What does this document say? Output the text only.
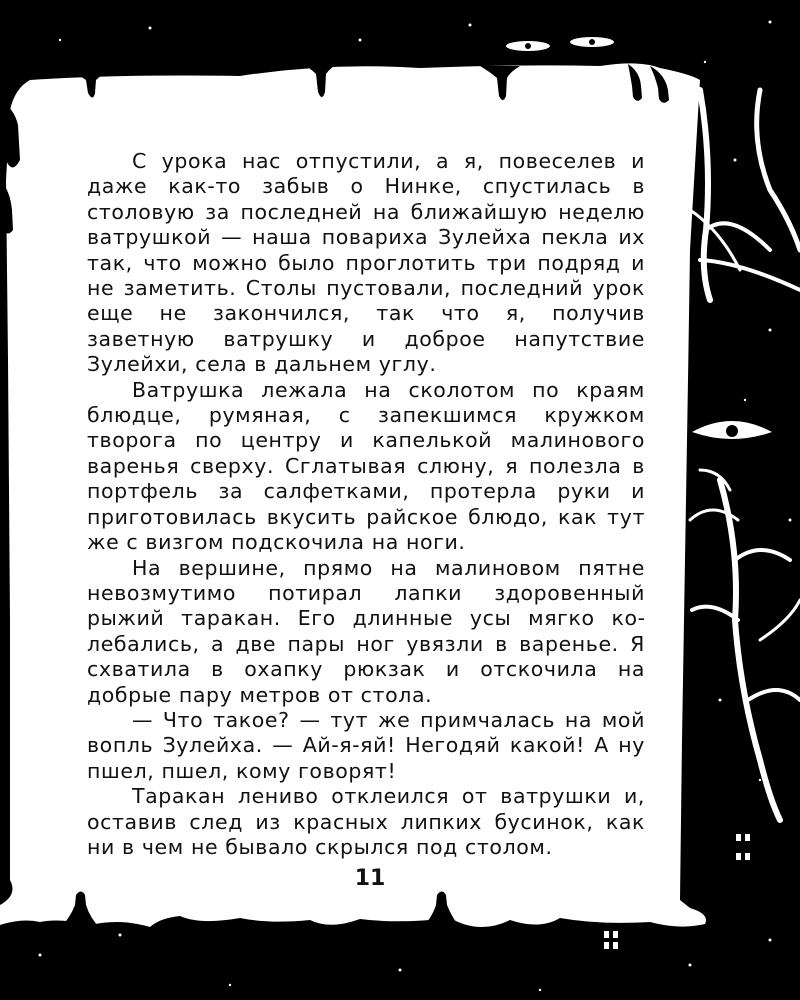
С урока нас отпустили, а я, повеселев и даже как-то забыв о Нинке, спустилась в столовую за последней на ближайшую неделю ватрушкой — наша повариха Зулейха пекла их так, что можно было проглотить три подряд и не заметить. Столы пустовали, последний урок еще не закончился, так что я, получив заветную ватрушку и доброе напутствие Зулейхи, села в дальнем углу.

Ватрушка лежала на сколотом по краям блюдце, румяная, с запекшимся кружком творога по центру и капелькой малинового варенья сверху. Сглатывая слюну, я полезла в портфель за салфетками, протерла руки и приготовилась вкусить райское блюдо, как тут же с визгом подскочила на ноги.

На вершине, прямо на малиновом пятне невозмутимо потирал лапки здоровенный рыжий таракан. Его длинные усы мягко колебались, а две пары ног увязли в варенье. Я схватила в охапку рюкзак и отскочила на добрые пару метров от стола.

— Что такое? — тут же примчалась на мой вопль Зулейха. — Ай-я-яй! Негодяй какой! А ну пшел, пшел, кому говорят!

Таракан лениво отклеился от ватрушки и, оставив след из красных липких бусинок, как ни в чем не бывало скрылся под столом.

11
